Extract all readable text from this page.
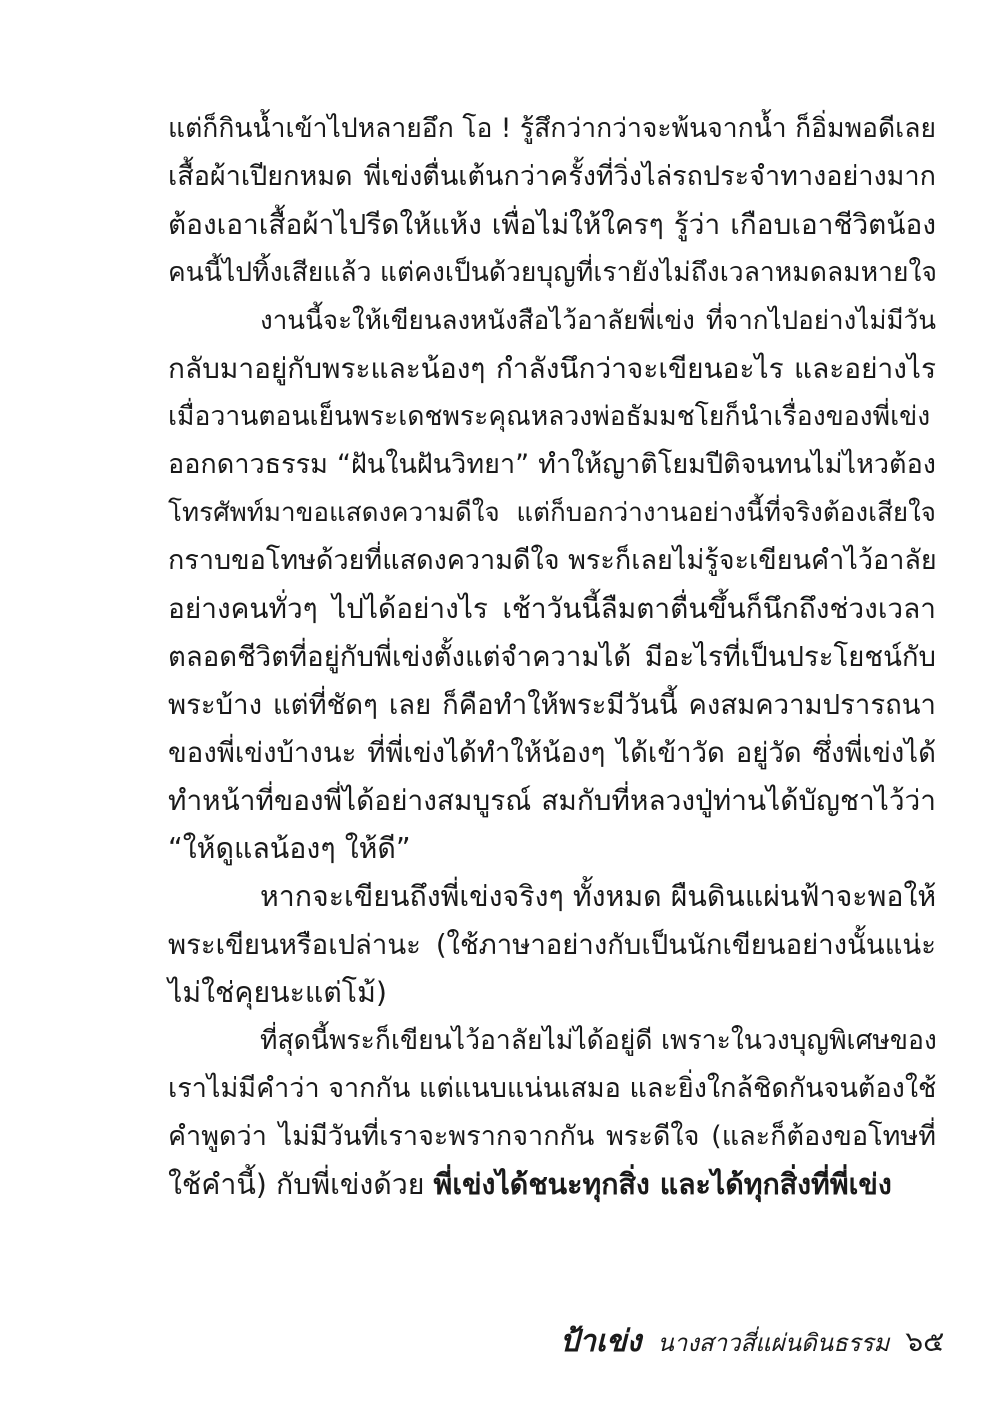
แต่ก็กินน้ำเข้าไปหลายอึก โอ ! รู้สึกว่ากว่าจะพ้นจากน้ำ ก็อิ่มพอดีเลย
เสื้อผ้าเปียกหมด พี่เข่งตื่นเต้นกว่าครั้งที่วิ่งไล่รถประจำทางอย่างมาก
ต้องเอาเสื้อผ้าไปรีดให้แห้ง เพื่อไม่ให้ใครๆ รู้ว่า เกือบเอาชีวิตน้อง
คนนี้ไปทิ้งเสียแล้ว แต่คงเป็นด้วยบุญที่เรายังไม่ถึงเวลาหมดลมหายใจ
งานนี้จะให้เขียนลงหนังสือไว้อาลัยพี่เข่ง ที่จากไปอย่างไม่มีวัน
กลับมาอยู่กับพระและน้องๆ กำลังนึกว่าจะเขียนอะไร และอย่างไร
เมื่อวานตอนเย็นพระเดชพระคุณหลวงพ่อธัมมชโยก็นำเรื่องของพี่เข่ง
ออกดาวธรรม “ฝันในฝันวิทยา” ทำให้ญาติโยมปีติจนทนไม่ไหวต้อง
โทรศัพท์มาขอแสดงความดีใจ แต่ก็บอกว่างานอย่างนี้ที่จริงต้องเสียใจ
กราบขอโทษด้วยที่แสดงความดีใจ พระก็เลยไม่รู้จะเขียนคำไว้อาลัย
อย่างคนทั่วๆ ไปได้อย่างไร เช้าวันนี้ลืมตาตื่นขึ้นก็นึกถึงช่วงเวลา
ตลอดชีวิตที่อยู่กับพี่เข่งตั้งแต่จำความได้ มีอะไรที่เป็นประโยชน์กับ
พระบ้าง แต่ที่ชัดๆ เลย ก็คือทำให้พระมีวันนี้ คงสมความปรารถนา
ของพี่เข่งบ้างนะ ที่พี่เข่งได้ทำให้น้องๆ ได้เข้าวัด อยู่วัด ซึ่งพี่เข่งได้
ทำหน้าที่ของพี่ได้อย่างสมบูรณ์ สมกับที่หลวงปู่ท่านได้บัญชาไว้ว่า
“ให้ดูแลน้องๆ ให้ดี”
หากจะเขียนถึงพี่เข่งจริงๆ ทั้งหมด ผืนดินแผ่นฟ้าจะพอให้
พระเขียนหรือเปล่านะ (ใช้ภาษาอย่างกับเป็นนักเขียนอย่างนั้นแน่ะ
ไม่ใช่คุยนะแต่โม้)
ที่สุดนี้พระก็เขียนไว้อาลัยไม่ได้อยู่ดี เพราะในวงบุญพิเศษของ
เราไม่มีคำว่า จากกัน แต่แนบแน่นเสมอ และยิ่งใกล้ชิดกันจนต้องใช้
คำพูดว่า ไม่มีวันที่เราจะพรากจากกัน พระดีใจ (และก็ต้องขอโทษที่
ใช้คำนี้) กับพี่เข่งด้วย พี่เข่งได้ชนะทุกสิ่ง และได้ทุกสิ่งที่พี่เข่ง
ป้าเข่ง นางสาวสี่แผ่นดินธรรม ๖๕
